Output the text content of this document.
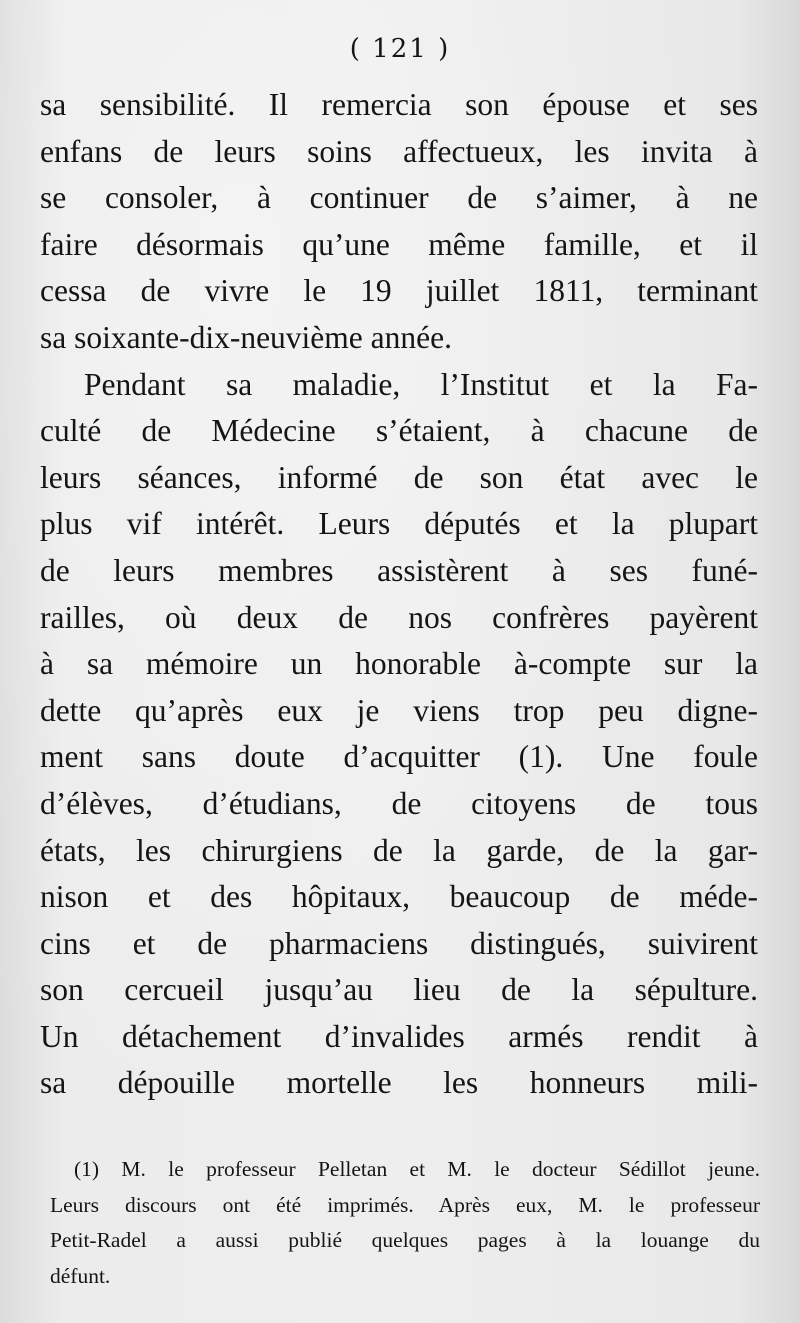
( 121 )
sa sensibilité. Il remercia son épouse et ses
enfans de leurs soins affectueux, les invita à
se consoler, à continuer de s’aimer, à ne
faire désormais qu’une même famille, et il
cessa de vivre le 19 juillet 1811, terminant
sa soixante-dix-neuvième année.
Pendant sa maladie, l’Institut et la Fa-
culté de Médecine s’étaient, à chacune de
leurs séances, informé de son état avec le
plus vif intérêt. Leurs députés et la plupart
de leurs membres assistèrent à ses funé-
railles, où deux de nos confrères payèrent
à sa mémoire un honorable à-compte sur la
dette qu’après eux je viens trop peu digne-
ment sans doute d’acquitter (1). Une foule
d’élèves, d’étudians, de citoyens de tous
états, les chirurgiens de la garde, de la gar-
nison et des hôpitaux, beaucoup de méde-
cins et de pharmaciens distingués, suivirent
son cercueil jusqu’au lieu de la sépulture.
Un détachement d’invalides armés rendit à
sa dépouille mortelle les honneurs mili-
(1) M. le professeur Pelletan et M. le docteur Sédillot jeune.
Leurs discours ont été imprimés. Après eux, M. le professeur
Petit-Radel a aussi publié quelques pages à la louange du
défunt.
